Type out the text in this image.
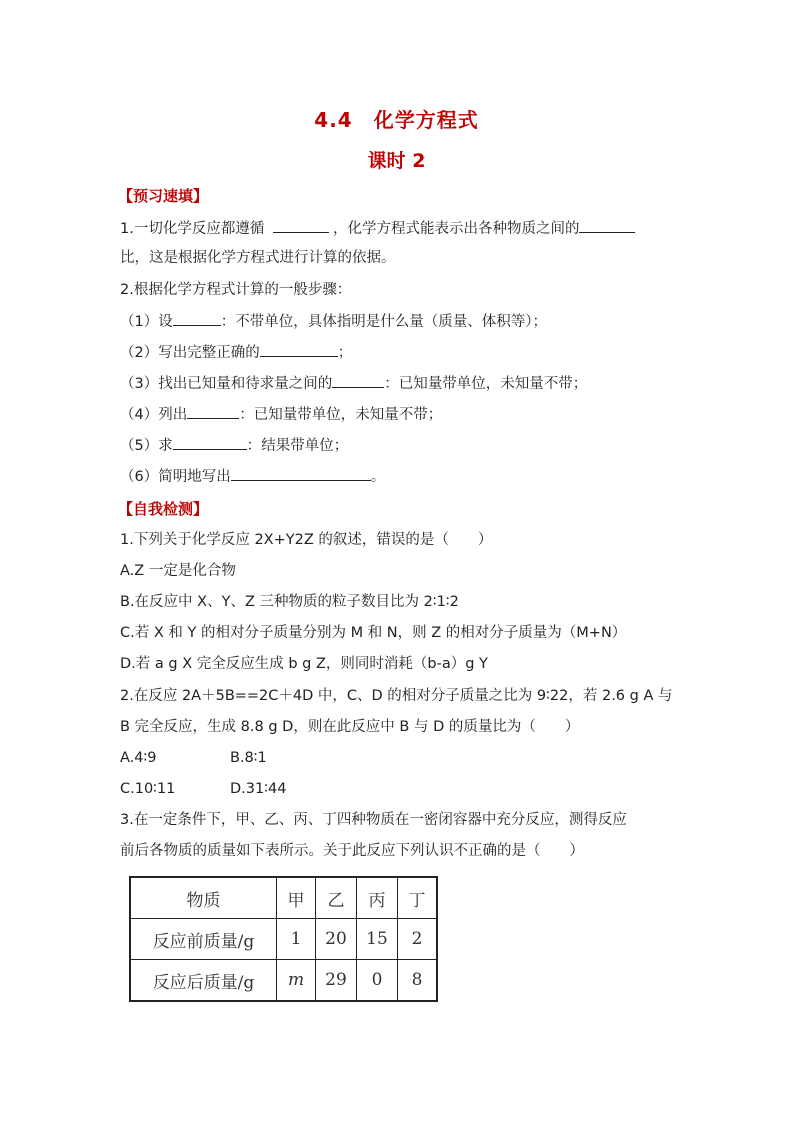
4.4　化学方程式
课时 2
【预习速填】
1.一切化学反应都遵循	，化学方程式能表示出各种物质之间的
比，这是根据化学方程式进行计算的依据。
2.根据化学方程式计算的一般步骤：
（1）设	：不带单位，具体指明是什么量（质量、体积等）；
（2）写出完整正确的	；
（3）找出已知量和待求量之间的	：已知量带单位，未知量不带；
（4）列出	：已知量带单位，未知量不带；
（5）求	：结果带单位；
（6）简明地写出	。
【自我检测】
1.下列关于化学反应 2X+Y2Z 的叙述，错误的是（　　）
A.Z 一定是化合物
B.在反应中 X、Y、Z 三种物质的粒子数目比为 2∶1∶2
C.若 X 和 Y 的相对分子质量分别为 M 和 N，则 Z 的相对分子质量为（M+N）
D.若 a g X 完全反应生成 b g Z，则同时消耗（b-a）g Y
2.在反应 2A＋5B==2C＋4D 中，C、D 的相对分子质量之比为 9∶22，若 2.6 g A 与
B 完全反应，生成 8.8 g D，则在此反应中 B 与 D 的质量比为（　　）
A.4∶9	B.8∶1
C.10∶11	D.31∶44
3.在一定条件下，甲、乙、丙、丁四种物质在一密闭容器中充分反应，测得反应
前后各物质的质量如下表所示。关于此反应下列认识不正确的是（　　）
物质	甲	乙	丙	丁
反应前质量/g	1	20	15	2
反应后质量/g	m	29	0	8
